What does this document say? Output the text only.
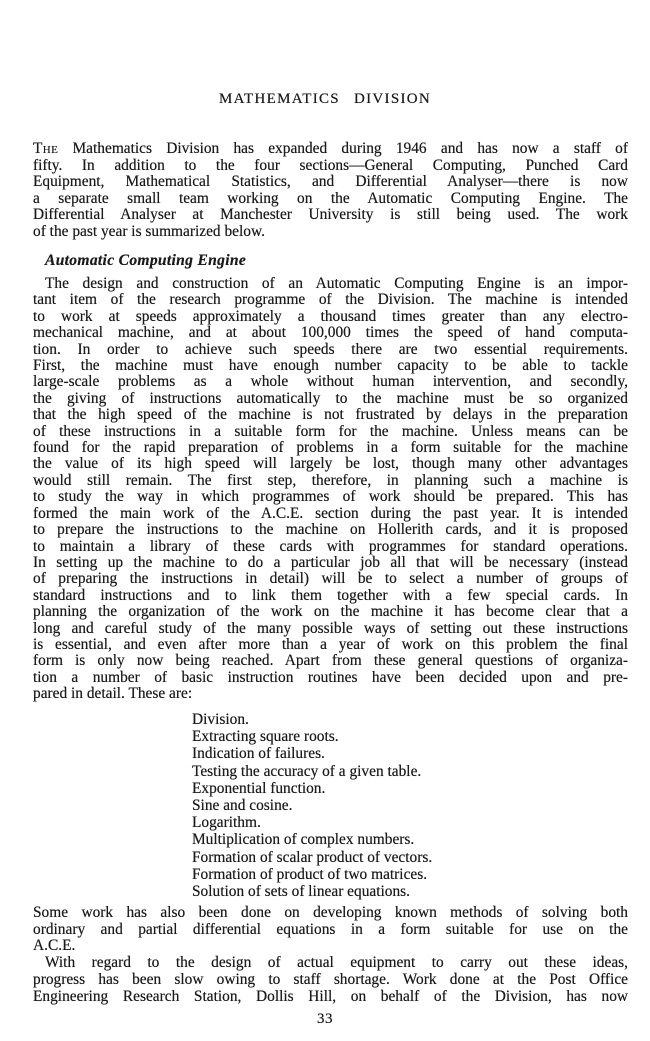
MATHEMATICS DIVISION
The Mathematics Division has expanded during 1946 and has now a staff of
fifty. In addition to the four sections—General Computing, Punched Card
Equipment, Mathematical Statistics, and Differential Analyser—there is now
a separate small team working on the Automatic Computing Engine. The
Differential Analyser at Manchester University is still being used. The work
of the past year is summarized below.
Automatic Computing Engine
The design and construction of an Automatic Computing Engine is an impor-
tant item of the research programme of the Division. The machine is intended
to work at speeds approximately a thousand times greater than any electro-
mechanical machine, and at about 100,000 times the speed of hand computa-
tion. In order to achieve such speeds there are two essential requirements.
First, the machine must have enough number capacity to be able to tackle
large-scale problems as a whole without human intervention, and secondly,
the giving of instructions automatically to the machine must be so organized
that the high speed of the machine is not frustrated by delays in the preparation
of these instructions in a suitable form for the machine. Unless means can be
found for the rapid preparation of problems in a form suitable for the machine
the value of its high speed will largely be lost, though many other advantages
would still remain. The first step, therefore, in planning such a machine is
to study the way in which programmes of work should be prepared. This has
formed the main work of the A.C.E. section during the past year. It is intended
to prepare the instructions to the machine on Hollerith cards, and it is proposed
to maintain a library of these cards with programmes for standard operations.
In setting up the machine to do a particular job all that will be necessary (instead
of preparing the instructions in detail) will be to select a number of groups of
standard instructions and to link them together with a few special cards. In
planning the organization of the work on the machine it has become clear that a
long and careful study of the many possible ways of setting out these instructions
is essential, and even after more than a year of work on this problem the final
form is only now being reached. Apart from these general questions of organiza-
tion a number of basic instruction routines have been decided upon and pre-
pared in detail. These are:
Division.
Extracting square roots.
Indication of failures.
Testing the accuracy of a given table.
Exponential function.
Sine and cosine.
Logarithm.
Multiplication of complex numbers.
Formation of scalar product of vectors.
Formation of product of two matrices.
Solution of sets of linear equations.
Some work has also been done on developing known methods of solving both
ordinary and partial differential equations in a form suitable for use on the
A.C.E.
With regard to the design of actual equipment to carry out these ideas,
progress has been slow owing to staff shortage. Work done at the Post Office
Engineering Research Station, Dollis Hill, on behalf of the Division, has now
33
